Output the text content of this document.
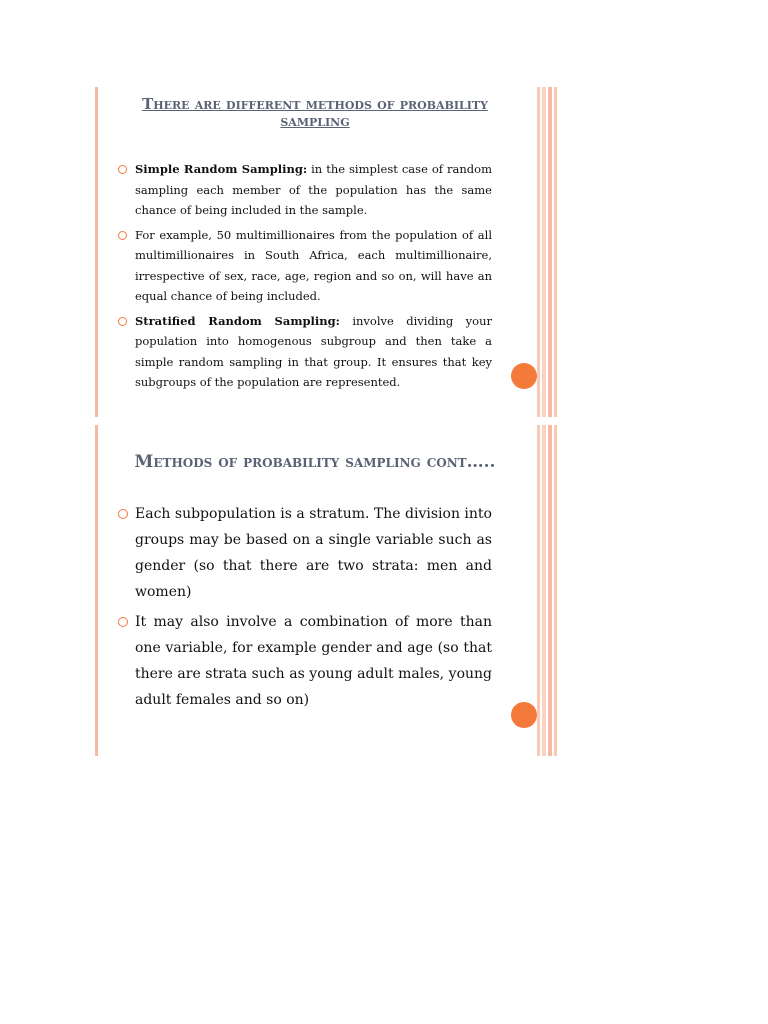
There are different methods of probability sampling
Simple Random Sampling: in the simplest case of random sampling each member of the population has the same chance of being included in the sample.
For example, 50 multimillionaires from the population of all multimillionaires in South Africa, each multimillionaire, irrespective of sex, race, age, region and so on, will have an equal chance of being included.
Stratified Random Sampling: involve dividing your population into homogenous subgroup and then take a simple random sampling in that group. It ensures that key subgroups of the population are represented.
Methods of probability sampling cont…..
Each subpopulation is a stratum. The division into groups may be based on a single variable such as gender (so that there are two strata: men and women)
It may also involve a combination of more than one variable, for example gender and age (so that there are strata such as young adult males, young adult females and so on)
